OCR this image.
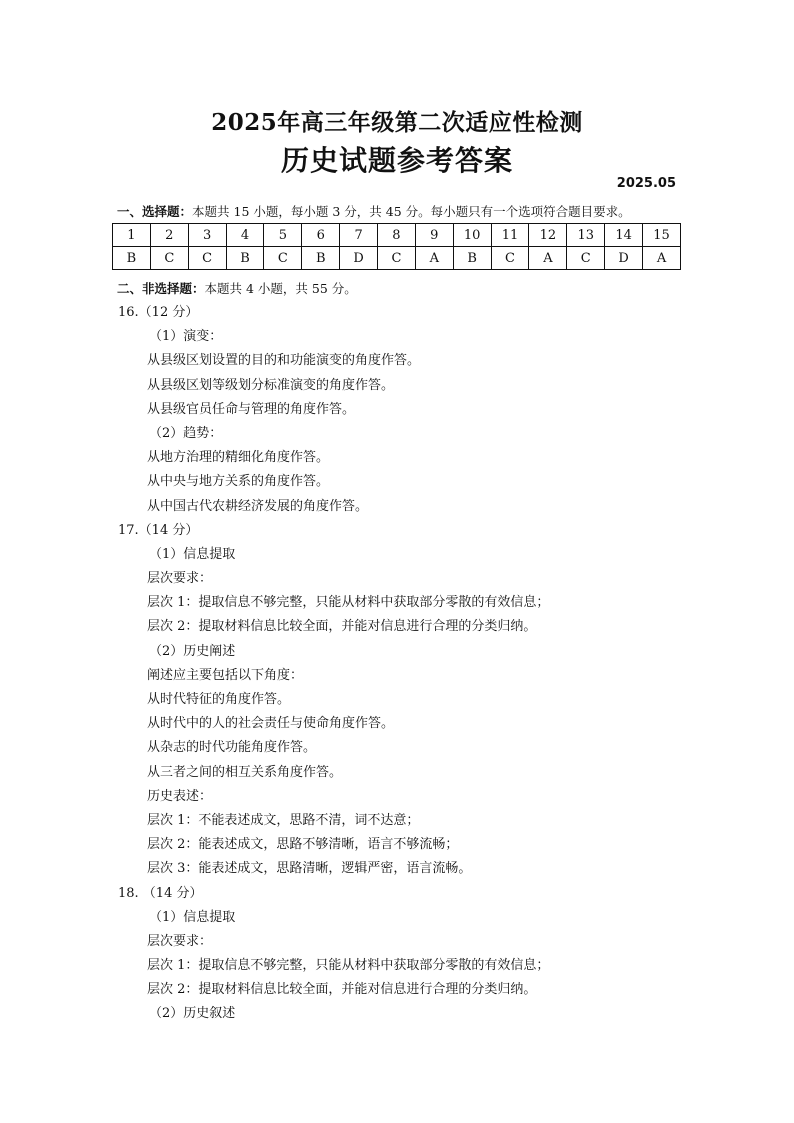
2025年高三年级第二次适应性检测
历史试题参考答案
2025.05
一、选择题：本题共 15 小题，每小题 3 分，共 45 分。每小题只有一个选项符合题目要求。
1	2	3	4	5	6	7	8	9	10	11	12	13	14	15
B	C	C	B	C	B	D	C	A	B	C	A	C	D	A
二、非选择题：本题共 4 小题，共 55 分。
16.（12 分）
（1）演变：
从县级区划设置的目的和功能演变的角度作答。
从县级区划等级划分标准演变的角度作答。
从县级官员任命与管理的角度作答。
（2）趋势：
从地方治理的精细化角度作答。
从中央与地方关系的角度作答。
从中国古代农耕经济发展的角度作答。
17.（14 分）
（1）信息提取
层次要求：
层次 1：提取信息不够完整，只能从材料中获取部分零散的有效信息；
层次 2：提取材料信息比较全面，并能对信息进行合理的分类归纳。
（2）历史阐述
阐述应主要包括以下角度：
从时代特征的角度作答。
从时代中的人的社会责任与使命角度作答。
从杂志的时代功能角度作答。
从三者之间的相互关系角度作答。
历史表述：
层次 1：不能表述成文，思路不清，词不达意；
层次 2：能表述成文，思路不够清晰，语言不够流畅；
层次 3：能表述成文，思路清晰，逻辑严密，语言流畅。
18. （14 分）
（1）信息提取
层次要求：
层次 1：提取信息不够完整，只能从材料中获取部分零散的有效信息；
层次 2：提取材料信息比较全面，并能对信息进行合理的分类归纳。
（2）历史叙述
